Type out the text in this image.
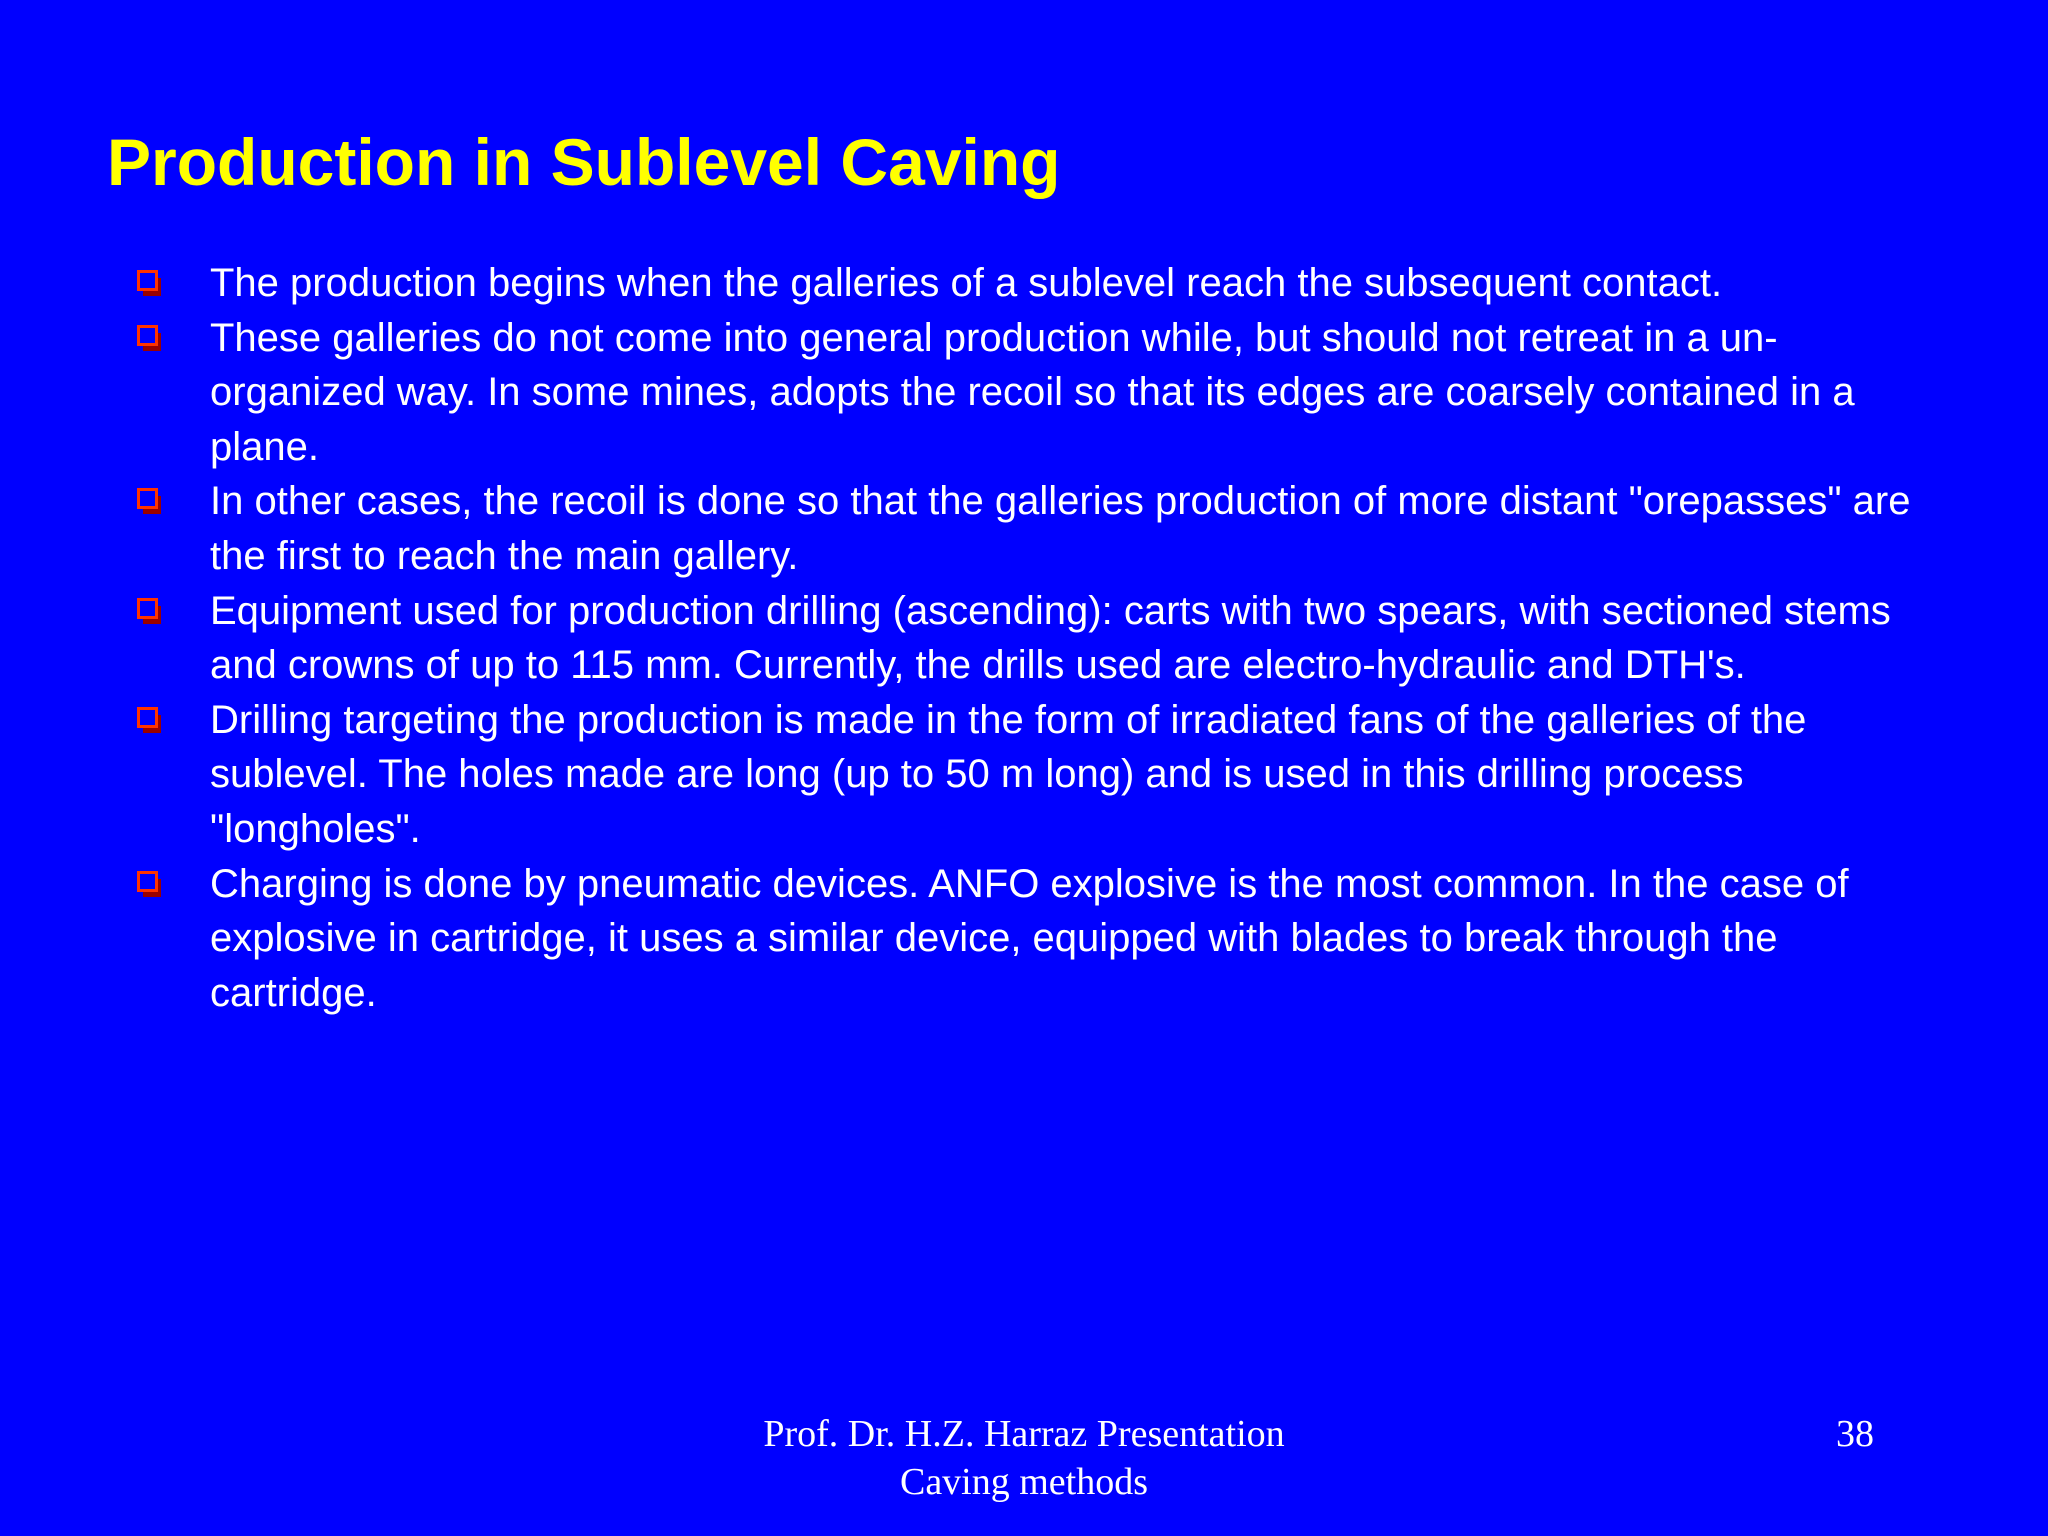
Production in Sublevel Caving
The production begins when the galleries of a sublevel reach the subsequent contact.
These galleries do not come into general production while, but should not retreat in a un-organized way. In some mines, adopts the recoil so that its edges are coarsely contained in a plane.
In other cases, the recoil is done so that the galleries production of more distant "orepasses" are the first to reach the main gallery.
Equipment used for production drilling (ascending): carts with two spears, with sectioned stems and crowns of up to 115 mm. Currently, the drills used are electro-hydraulic and DTH's.
Drilling targeting the production is made in the form of irradiated fans of the galleries of the sublevel. The holes made are long (up to 50 m long) and is used in this drilling process "longholes".
Charging is done by pneumatic devices. ANFO explosive is the most common. In the case of explosive in cartridge, it uses a similar device, equipped with blades to break through the cartridge.
Prof. Dr. H.Z. Harraz Presentation
Caving methods
38
